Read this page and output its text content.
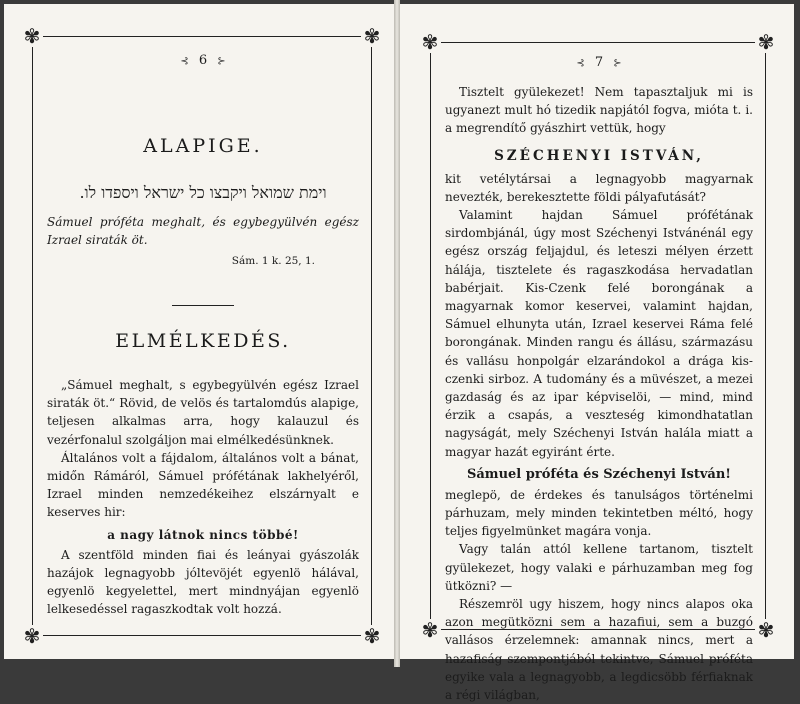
✾	✾
✾	✾
⊰ 6 ⊱
ALAPIGE.
וימת שמואל ויקבצו כל ישראל ויספדו לו.
Sámuel próféta meghalt, és egybegyülvén egész Izrael siraták öt.
Sám. 1 k. 25, 1.
ELMÉLKEDÉS.

„Sámuel meghalt, s egybegyülvén egész Izrael siraták öt.“ Rövid, de velös és tartalomdús alapige, teljesen alkalmas arra, hogy kalauzul és vezérfonalul szolgáljon mai elmélkedésünknek.

Általános volt a fájdalom, általános volt a bánat, midőn Rámáról, Sámuel prófétának lakhelyéről, Izrael minden nemzedékeihez elszárnyalt e keserves hir:

a nagy látnok nincs többé!

A szentföld minden fiai és leányai gyászolák hazájok legnagyobb jóltevöjét egyenlö hálával, egyenlö kegyelettel, mert mindnyájan egyenlö lelkesedéssel ragaszkodtak volt hozzá.

✾	✾
✾	✾
⊰ 7 ⊱

Tisztelt gyülekezet! Nem tapasztaljuk mi is ugyanezt mult hó tizedik napjától fogva, mióta t. i. a megrendítő gyászhirt vettük, hogy

SZÉCHENYI ISTVÁN,

kit vetélytársai a legnagyobb magyarnak nevezték, berekesztette földi pályafutását?

Valamint hajdan Sámuel prófétának sirdombjánál, úgy most Széchenyi Istvánénál egy egész ország feljajdul, és leteszi mélyen érzett hálája, tisztelete és ragaszkodása hervadatlan babérjait. Kis-Czenk felé borongának a magyarnak komor keservei, valamint hajdan, Sámuel elhunyta után, Izrael keservei Ráma felé borongának. Minden rangu és állásu, származásu és vallásu honpolgár elzarándokol a drága kis-czenki sirboz. A tudomány és a müvészet, a mezei gazdaság és az ipar képviselöi, — mind, mind érzik a csapás, a veszteség kimondhatatlan nagyságát, mely Széchenyi István halála miatt a magyar hazát egyiránt érte.

Sámuel próféta és Széchenyi István!

meglepö, de érdekes és tanulságos történelmi párhuzam, mely minden tekintetben méltó, hogy teljes figyelmünket magára vonja.

Vagy talán attól kellene tartanom, tisztelt gyülekezet, hogy valaki e párhuzamban meg fog ütközni? —

Részemröl ugy hiszem, hogy nincs alapos oka azon megütközni sem a hazafiui, sem a buzgó vallásos érzelemnek: amannak nincs, mert a hazafiság szempontjából tekintve, Sámuel próféta egyike vala a legnagyobb, a legdicsöbb férfiaknak a régi világban,
